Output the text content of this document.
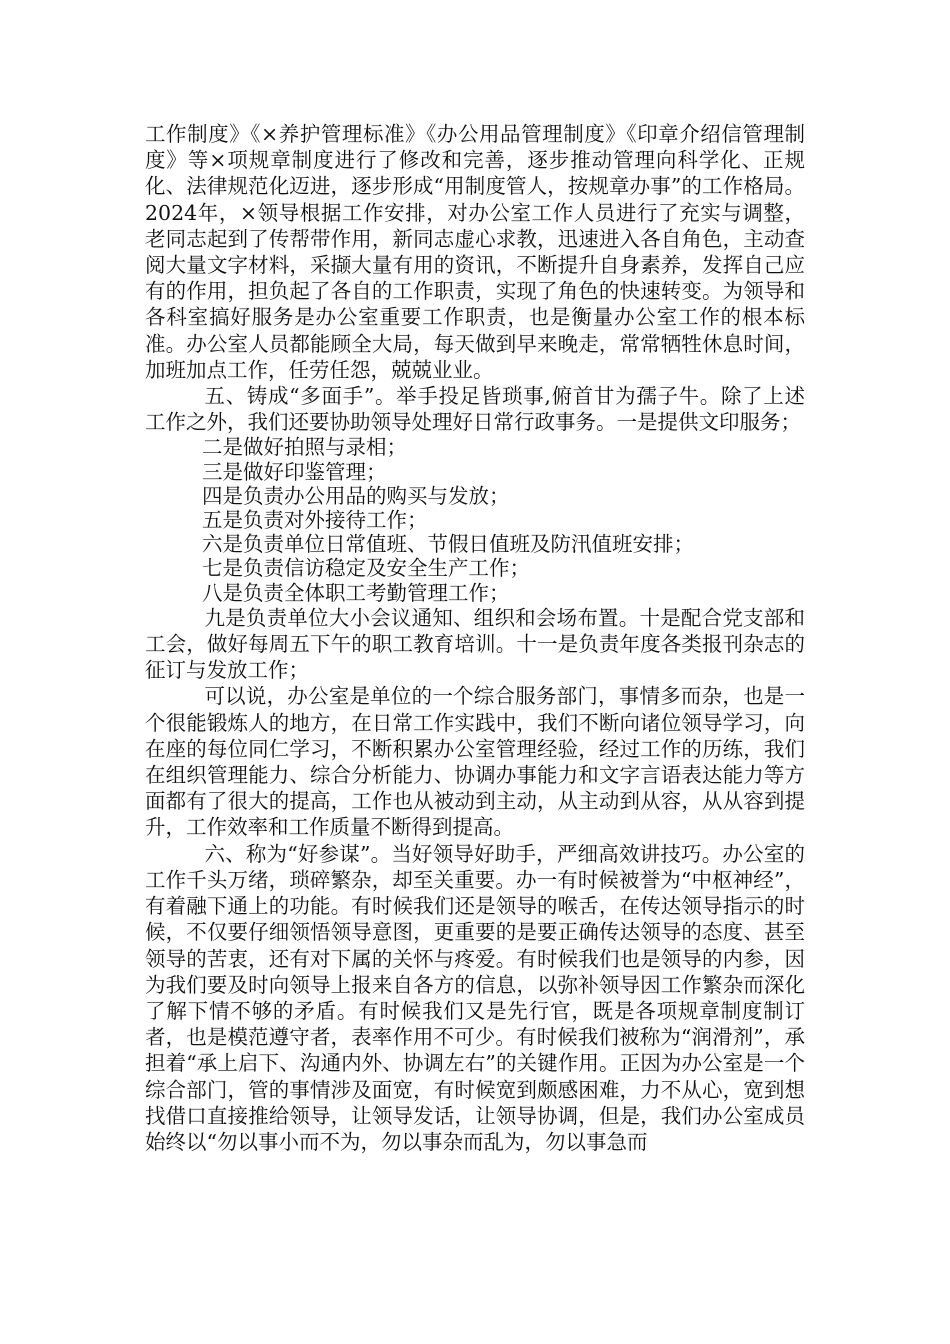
工作制度》《×养护管理标准》《办公用品管理制度》《印章介绍信管理制度》等×项规章制度进行了修改和完善，逐步推动管理向科学化、正规化、法律规范化迈进，逐步形成“用制度管人，按规章办事”的工作格局。2024年，×领导根据工作安排，对办公室工作人员进行了充实与调整，老同志起到了传帮带作用，新同志虚心求教，迅速进入各自角色，主动查阅大量文字材料，采撷大量有用的资讯，不断提升自身素养，发挥自己应有的作用，担负起了各自的工作职责，实现了角色的快速转变。为领导和各科室搞好服务是办公室重要工作职责，也是衡量办公室工作的根本标准。办公室人员都能顾全大局，每天做到早来晚走，常常牺牲休息时间，加班加点工作，任劳任怨，兢兢业业。

五、铸成“多面手”。举手投足皆琐事,俯首甘为孺子牛。除了上述工作之外，我们还要协助领导处理好日常行政事务。一是提供文印服务；

二是做好拍照与录相；

三是做好印鉴管理；

四是负责办公用品的购买与发放；

五是负责对外接待工作；

六是负责单位日常值班、节假日值班及防汛值班安排；

七是负责信访稳定及安全生产工作；

八是负责全体职工考勤管理工作；

九是负责单位大小会议通知、组织和会场布置。十是配合党支部和工会，做好每周五下午的职工教育培训。十一是负责年度各类报刊杂志的征订与发放工作；

可以说，办公室是单位的一个综合服务部门，事情多而杂，也是一个很能锻炼人的地方，在日常工作实践中，我们不断向诸位领导学习，向在座的每位同仁学习，不断积累办公室管理经验，经过工作的历练，我们在组织管理能力、综合分析能力、协调办事能力和文字言语表达能力等方面都有了很大的提高，工作也从被动到主动，从主动到从容，从从容到提升，工作效率和工作质量不断得到提高。

六、称为“好参谋”。当好领导好助手，严细高效讲技巧。办公室的工作千头万绪，琐碎繁杂，却至关重要。办一有时候被誉为“中枢神经”，有着融下通上的功能。有时候我们还是领导的喉舌，在传达领导指示的时候，不仅要仔细领悟领导意图，更重要的是要正确传达领导的态度、甚至领导的苦衷，还有对下属的关怀与疼爱。有时候我们也是领导的内参，因为我们要及时向领导上报来自各方的信息，以弥补领导因工作繁杂而深化了解下情不够的矛盾。有时候我们又是先行官，既是各项规章制度制订者，也是模范遵守者，表率作用不可少。有时候我们被称为“润滑剂”，承担着“承上启下、沟通内外、协调左右”的关键作用。正因为办公室是一个综合部门，管的事情涉及面宽，有时候宽到颇感困难，力不从心，宽到想找借口直接推给领导，让领导发话，让领导协调，但是，我们办公室成员始终以“勿以事小而不为，勿以事杂而乱为，勿以事急而
